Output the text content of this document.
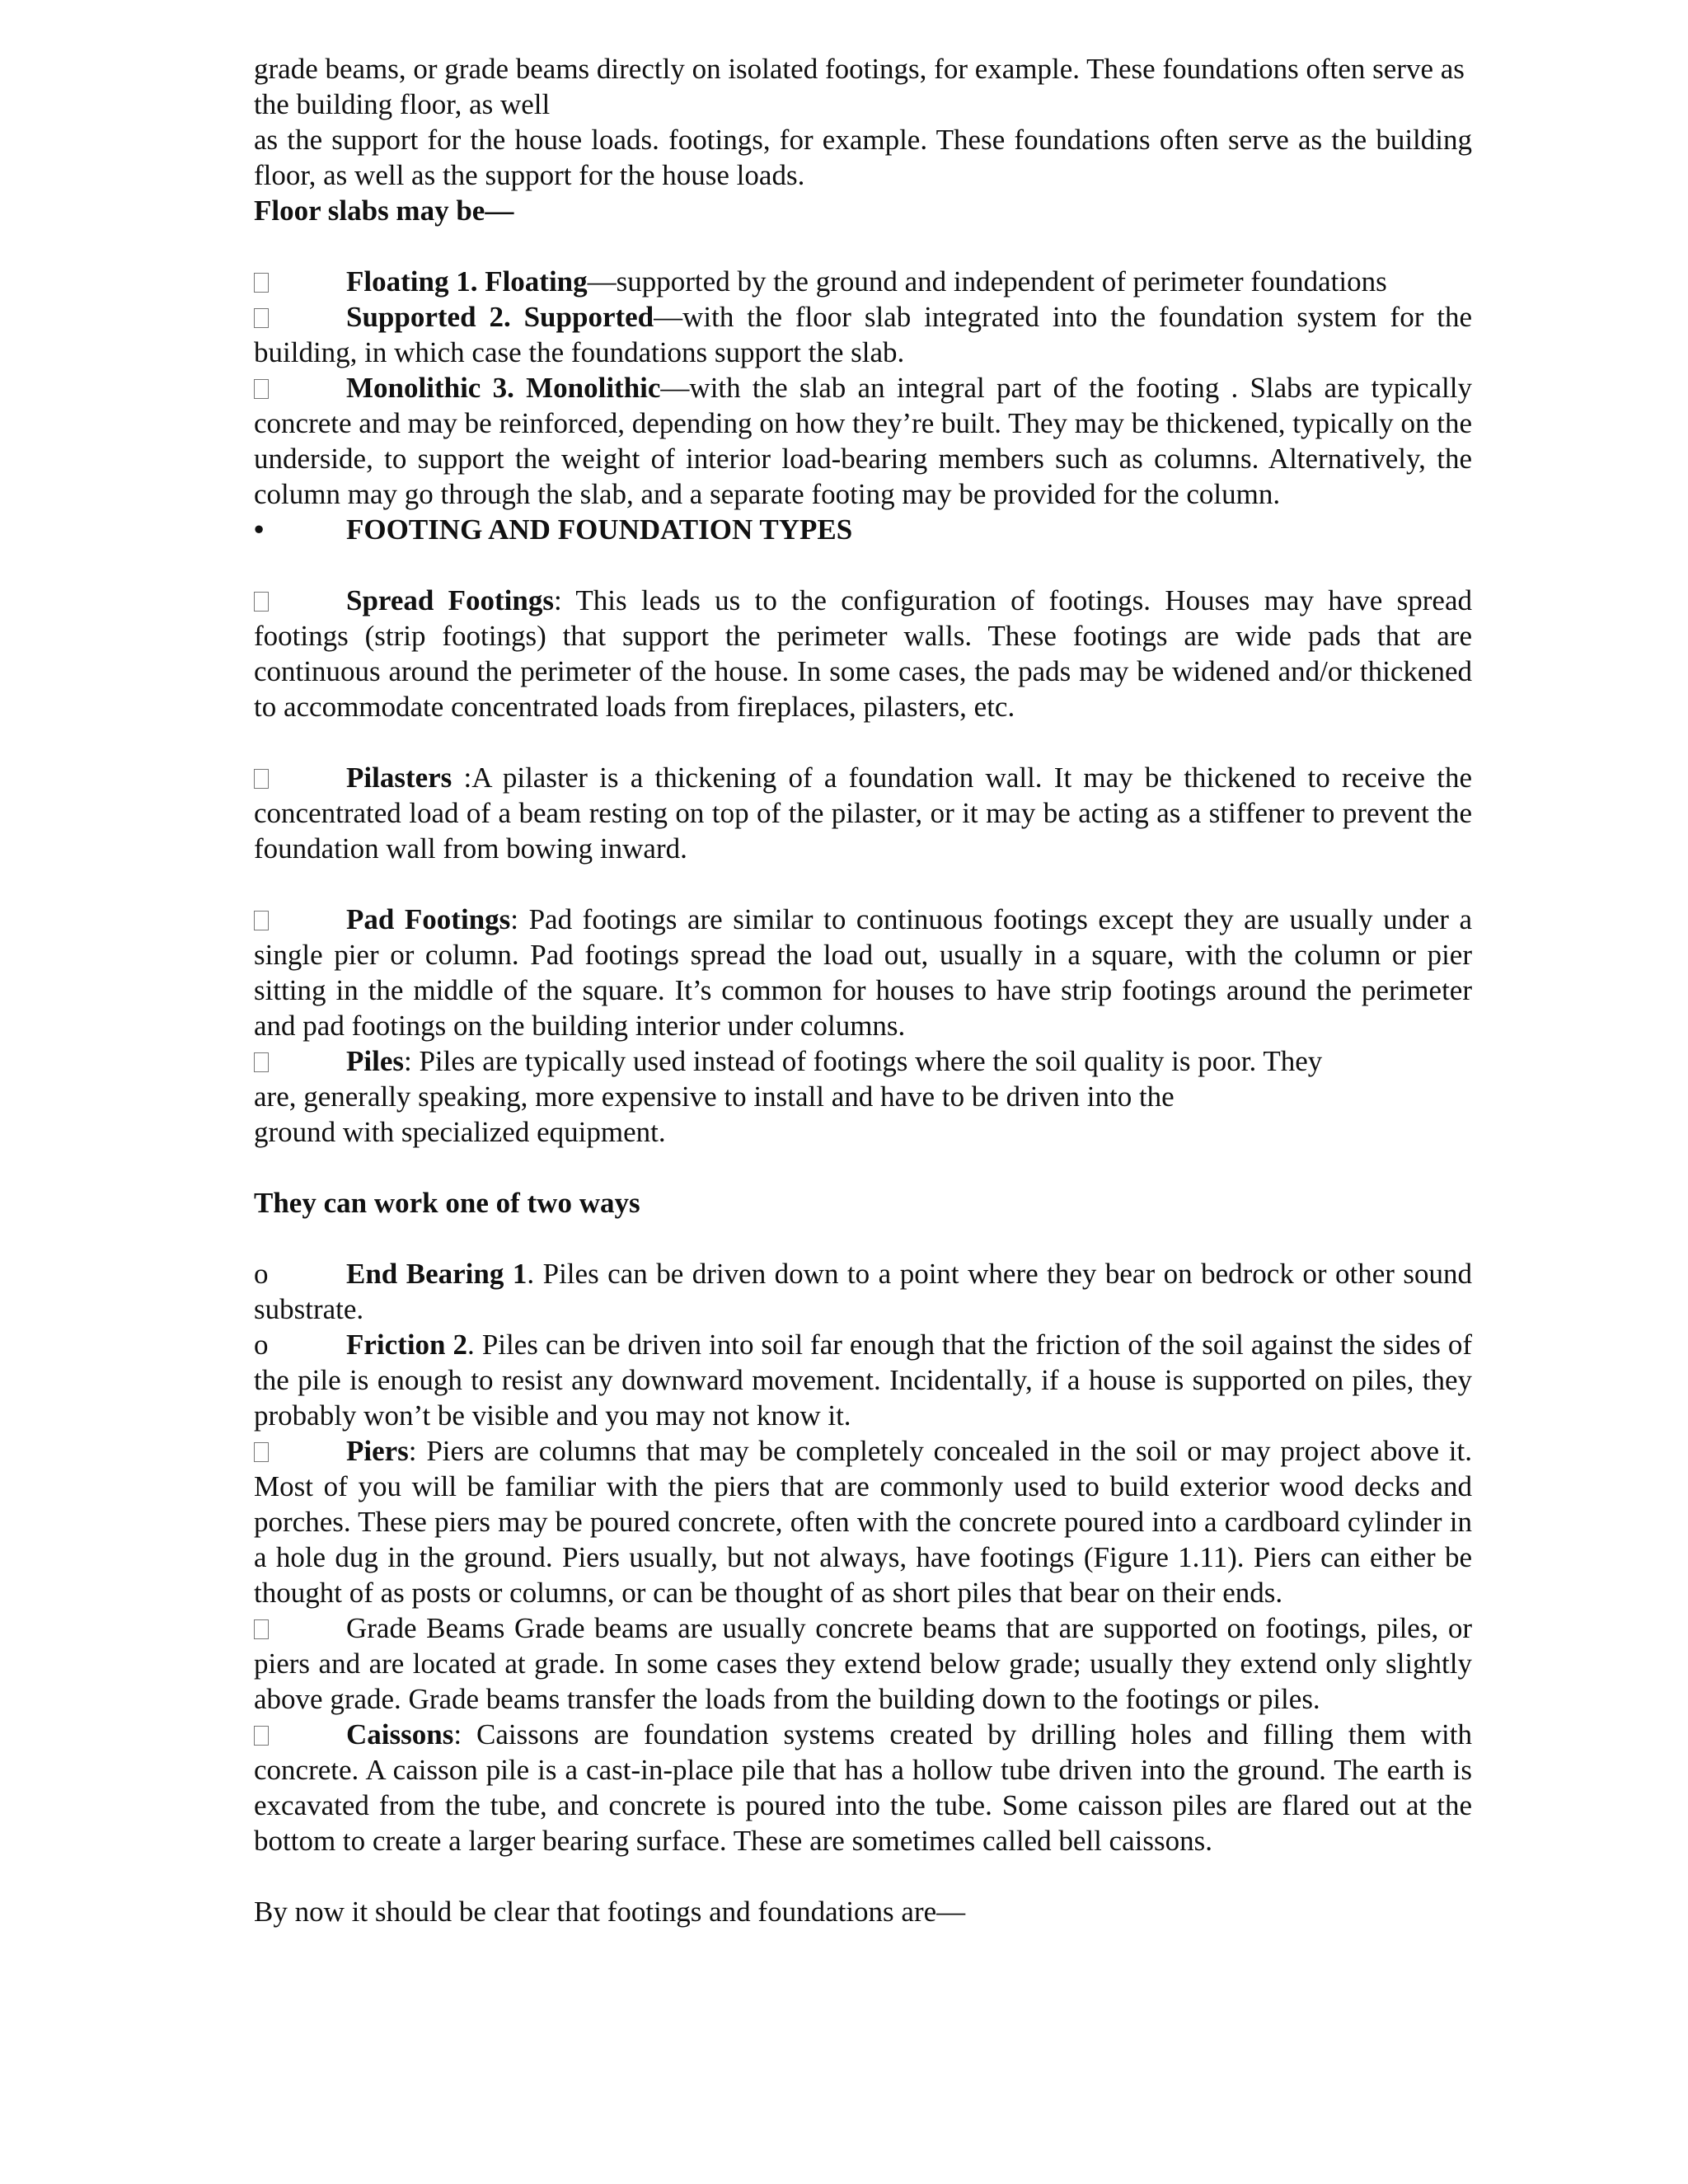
grade beams, or grade beams directly on isolated footings, for example. These foundations often serve as the building floor, as well

as the support for the house loads. footings, for example. These foundations often serve as the building floor, as well as the support for the house loads.

Floor slabs may be—

Floating 1. Floating—supported by the ground and independent of perimeter foundations

Supported 2. Supported—with the floor slab integrated into the foundation system for the building, in which case the foundations support the slab.

Monolithic 3. Monolithic—with the slab an integral part of the footing . Slabs are typically concrete and may be reinforced, depending on how they’re built. They may be thickened, typically on the underside, to support the weight of interior load-bearing members such as columns. Alternatively, the column may go through the slab, and a separate footing may be provided for the column.

•	FOOTING AND FOUNDATION TYPES

Spread Footings: This leads us to the configuration of footings. Houses may have spread footings (strip footings) that support the perimeter walls. These footings are wide pads that are continuous around the perimeter of the house. In some cases, the pads may be widened and/or thickened to accommodate concentrated loads from fireplaces, pilasters, etc.

Pilasters :A pilaster is a thickening of a foundation wall. It may be thickened to receive the concentrated load of a beam resting on top of the pilaster, or it may be acting as a stiffener to prevent the foundation wall from bowing inward.

Pad Footings: Pad footings are similar to continuous footings except they are usually under a single pier or column. Pad footings spread the load out, usually in a square, with the column or pier sitting in the middle of the square. It’s common for houses to have strip footings around the perimeter and pad footings on the building interior under columns.

Piles: Piles are typically used instead of footings where the soil quality is poor. They

are, generally speaking, more expensive to install and have to be driven into the

ground with specialized equipment.

They can work one of two ways

o	End Bearing 1. Piles can be driven down to a point where they bear on bedrock or other sound substrate.

o	Friction 2. Piles can be driven into soil far enough that the friction of the soil against the sides of the pile is enough to resist any downward movement. Incidentally, if a house is supported on piles, they probably won’t be visible and you may not know it.

Piers: Piers are columns that may be completely concealed in the soil or may project above it. Most of you will be familiar with the piers that are commonly used to build exterior wood decks and porches. These piers may be poured concrete, often with the concrete poured into a cardboard cylinder in a hole dug in the ground. Piers usually, but not always, have footings (Figure 1.11). Piers can either be thought of as posts or columns, or can be thought of as short piles that bear on their ends.

Grade Beams Grade beams are usually concrete beams that are supported on footings, piles, or piers and are located at grade. In some cases they extend below grade; usually they extend only slightly above grade. Grade beams transfer the loads from the building down to the footings or piles.

Caissons: Caissons are foundation systems created by drilling holes and filling them with concrete. A caisson pile is a cast-in-place pile that has a hollow tube driven into the ground. The earth is excavated from the tube, and concrete is poured into the tube. Some caisson piles are flared out at the bottom to create a larger bearing surface. These are sometimes called bell caissons.

By now it should be clear that footings and foundations are—
